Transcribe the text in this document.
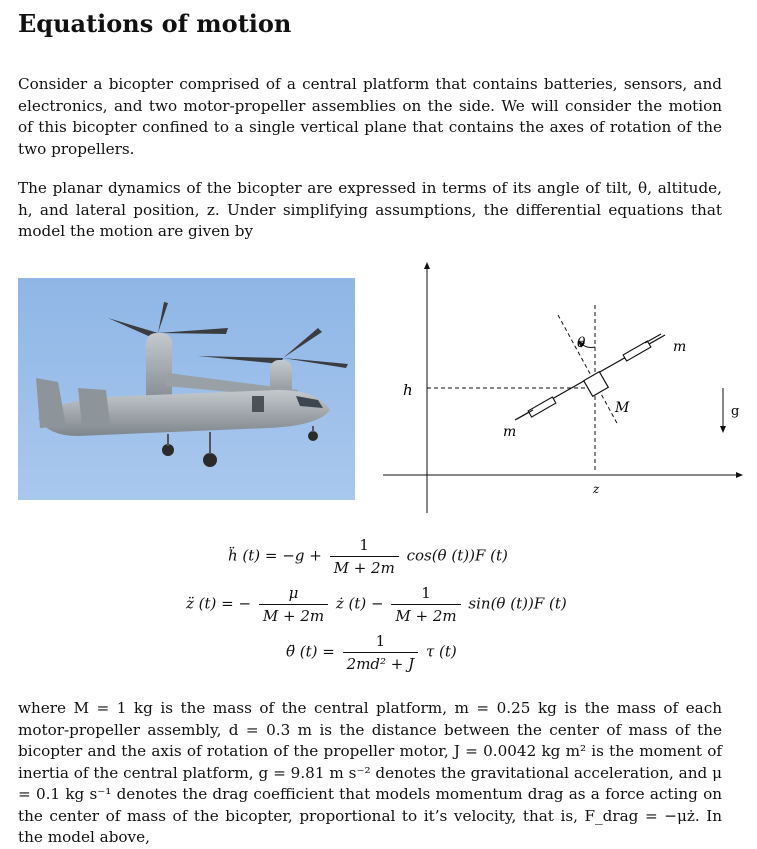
Equations of motion

Consider a bicopter comprised of a central platform that contains batteries, sensors, and electronics, and two motor-propeller assemblies on the side. We will consider the motion of this bicopter confined to a single vertical plane that contains the axes of rotation of the two propellers.

The planar dynamics of the bicopter are expressed in terms of its angle of tilt, θ, altitude, h, and lateral position, z. Under simplifying assumptions, the differential equations that model the motion are given by

θ	m
h
M	g
m
z
ḧ $(t) = -g + \frac{1}{M + 2m} \cos(\theta$ (t))F (t)
z̈ (t) = − $\frac{\mu}{M + 2m}$ ż $(t) - \frac{1}{M + 2m} \sin(\theta$ (t))F (t)
θ̈ $(t) = \frac{1}{\text{2md² + J}}$ τ (t)

where M = 1 kg is the mass of the central platform, m = 0.25 kg is the mass of each motor-propeller assembly, d = 0.3 m is the distance between the center of mass of the bicopter and the axis of rotation of the propeller motor, J = 0.0042 kg m² is the moment of inertia of the central platform, g = 9.81 m s⁻² denotes the gravitational acceleration, and μ = 0.1 kg s⁻¹ denotes the drag coefficient that models momentum drag as a force acting on the center of mass of the bicopter, proportional to it’s velocity, that is, F_drag = −μż. In the model above,
